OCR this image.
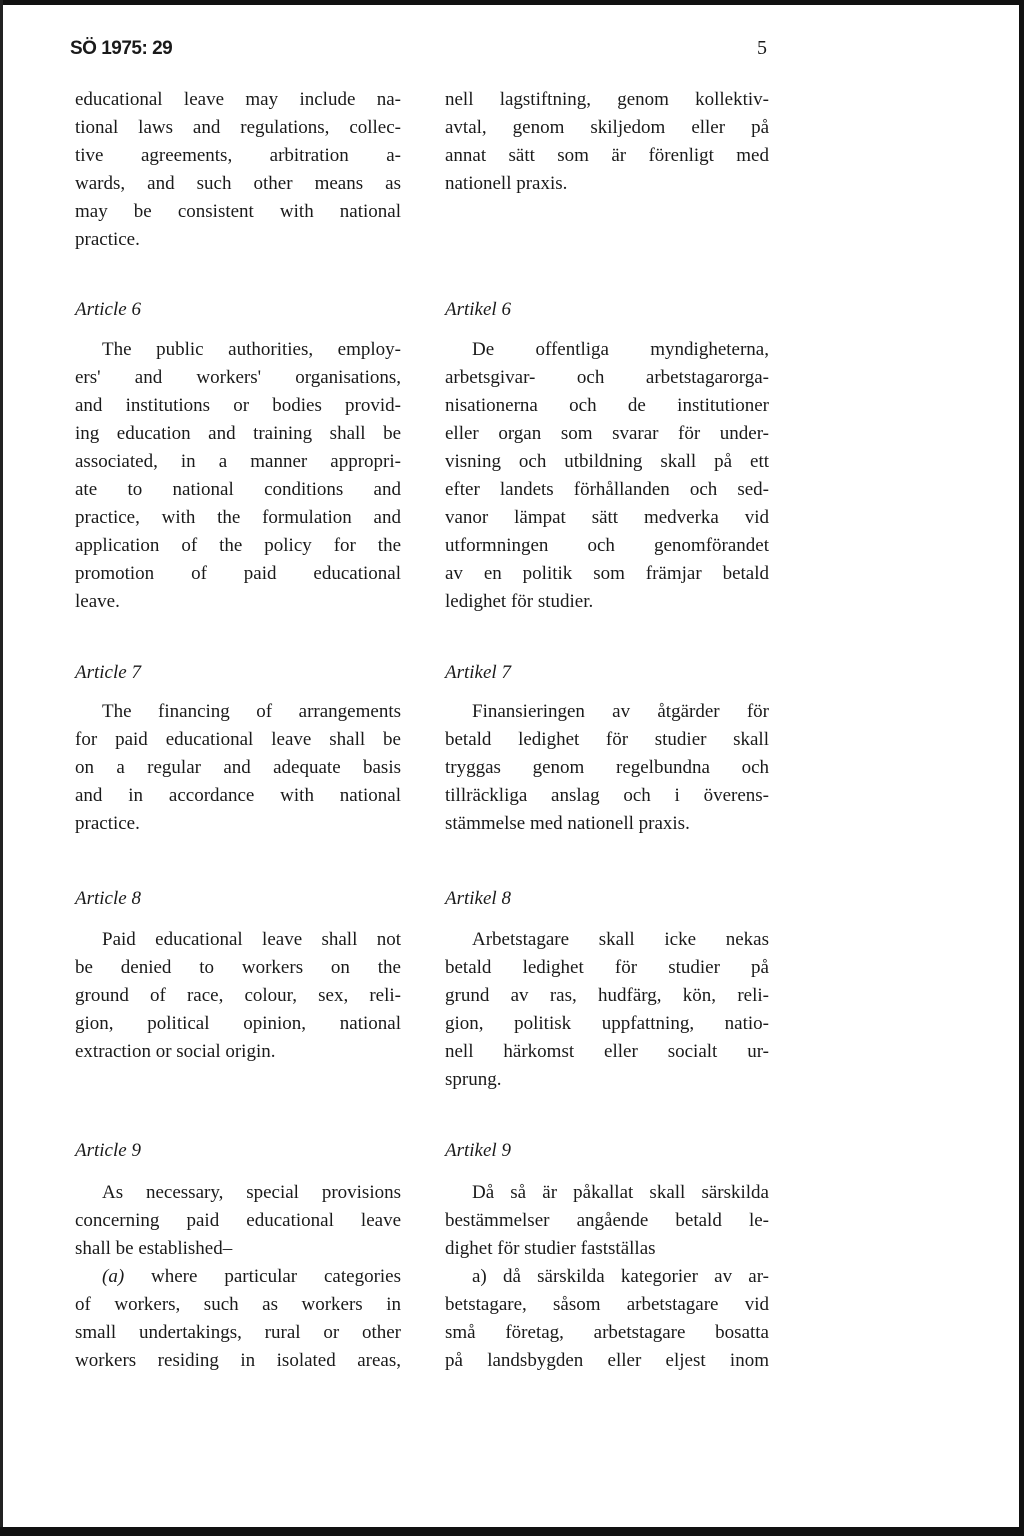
SÖ 1975: 29	5

educational leave may include na-

tional laws and regulations, collec-

tive agreements, arbitration a-

wards, and such other means as

may be consistent with national

practice.

Article 6

The public authorities, employ-

ers' and workers' organisations,

and institutions or bodies provid-

ing education and training shall be

associated, in a manner appropri-

ate to national conditions and

practice, with the formulation and

application of the policy for the

promotion of paid educational

leave.

Article 7

The financing of arrangements

for paid educational leave shall be

on a regular and adequate basis

and in accordance with national

practice.

Article 8

Paid educational leave shall not

be denied to workers on the

ground of race, colour, sex, reli-

gion, political opinion, national

extraction or social origin.

Article 9

As necessary, special provisions

concerning paid educational leave

shall be established–

(a) where particular categories

of workers, such as workers in

small undertakings, rural or other

workers residing in isolated areas,

nell lagstiftning, genom kollektiv-

avtal, genom skiljedom eller på

annat sätt som är förenligt med

nationell praxis.

Artikel 6

De offentliga myndigheterna,

arbetsgivar- och arbetstagarorga-

nisationerna och de institutioner

eller organ som svarar för under-

visning och utbildning skall på ett

efter landets förhållanden och sed-

vanor lämpat sätt medverka vid

utformningen och genomförandet

av en politik som främjar betald

ledighet för studier.

Artikel 7

Finansieringen av åtgärder för

betald ledighet för studier skall

tryggas genom regelbundna och

tillräckliga anslag och i överens-

stämmelse med nationell praxis.

Artikel 8

Arbetstagare skall icke nekas

betald ledighet för studier på

grund av ras, hudfärg, kön, reli-

gion, politisk uppfattning, natio-

nell härkomst eller socialt ur-

sprung.

Artikel 9

Då så är påkallat skall särskilda

bestämmelser angående betald le-

dighet för studier fastställas

a) då särskilda kategorier av ar-

betstagare, såsom arbetstagare vid

små företag, arbetstagare bosatta

på landsbygden eller eljest inom
